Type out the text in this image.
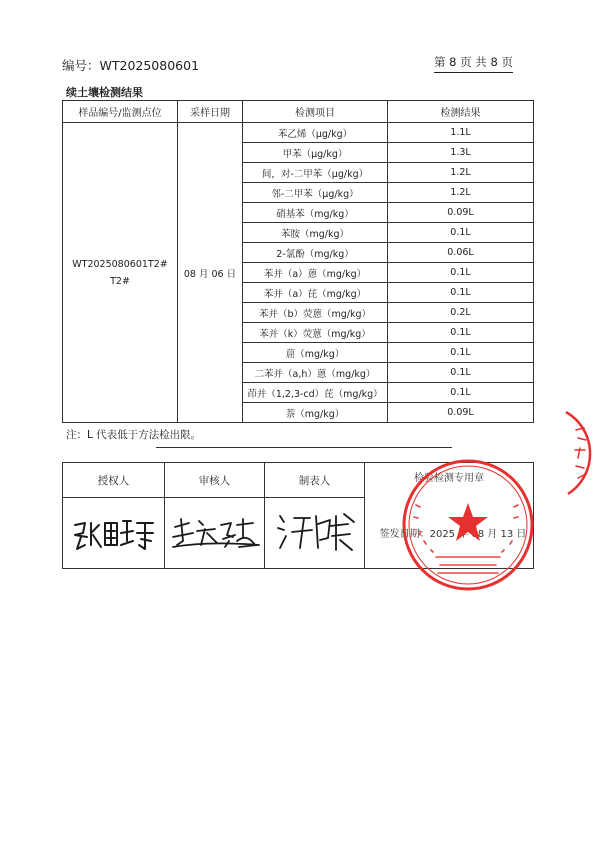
编号：WT2025080601	第 8 页 共 8 页
续土壤检测结果
样品编号/监测点位	采样日期	检测项目	检测结果

WT2025080601T2#
T2#	08 月 06 日	苯乙烯（μg/kg）	1.1L
		甲苯（μg/kg）	1.3L
		间，对-二甲苯（μg/kg）	1.2L
		邻-二甲苯（μg/kg）	1.2L
		硝基苯（mg/kg）	0.09L
		苯胺（mg/kg）	0.1L
		2-氯酚（mg/kg）	0.06L
		苯并（a）蒽（mg/kg）	0.1L
		苯并（a）芘（mg/kg）	0.1L
		苯并（b）荧蒽（mg/kg）	0.2L
		苯并（k）荧蒽（mg/kg）	0.1L
		䓛（mg/kg）	0.1L
		二苯并（a,h）蒽（mg/kg）	0.1L
		茚并（1,2,3-cd）芘（mg/kg）	0.1L
		萘（mg/kg）	0.09L
注：L 代表低于方法检出限。
授权人	审核人	制表人	检验检测专用章
签发日期：2025 年 08 月 13 日
